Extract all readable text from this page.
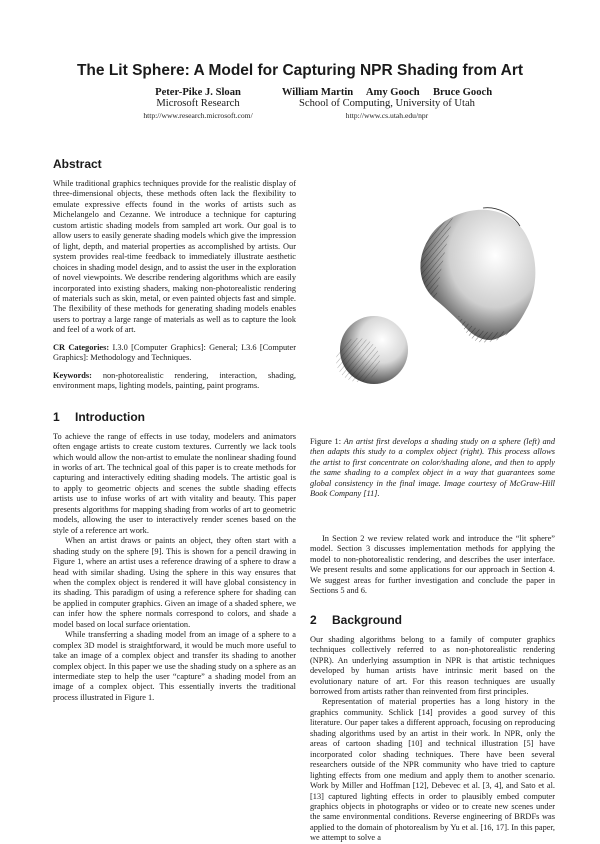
The Lit Sphere: A Model for Capturing NPR Shading from Art
Peter-Pike J. Sloan
Microsoft Research
http://www.research.microsoft.com/
William Martin     Amy Gooch     Bruce Gooch
School of Computing, University of Utah
http://www.cs.utah.edu/npr
Abstract

While traditional graphics techniques provide for the realistic display of three-dimensional objects, these methods often lack the flexibility to emulate expressive effects found in the works of artists such as Michelangelo and Cezanne. We introduce a technique for capturing custom artistic shading models from sampled art work. Our goal is to allow users to easily generate shading models which give the impression of light, depth, and material properties as accomplished by artists. Our system provides real-time feedback to immediately illustrate aesthetic choices in shading model design, and to assist the user in the exploration of novel viewpoints. We describe rendering algorithms which are easily incorporated into existing shaders, making non-photorealistic rendering of materials such as skin, metal, or even painted objects fast and simple. The flexibility of these methods for generating shading models enables users to portray a large range of materials as well as to capture the look and feel of a work of art.

CR Categories: I.3.0 [Computer Graphics]: General; I.3.6 [Computer Graphics]: Methodology and Techniques.

Keywords: non-photorealistic rendering, interaction, shading, environment maps, lighting models, painting, paint programs.

1 Introduction

To achieve the range of effects in use today, modelers and animators often engage artists to create custom textures. Currently we lack tools which would allow the non-artist to emulate the nonlinear shading found in works of art. The technical goal of this paper is to create methods for capturing and interactively editing shading models. The artistic goal is to apply to geometric objects and scenes the subtle shading effects artists use to infuse works of art with vitality and beauty. This paper presents algorithms for mapping shading from works of art to geometric models, allowing the user to interactively render scenes based on the style of a reference art work.

When an artist draws or paints an object, they often start with a shading study on the sphere [9]. This is shown for a pencil drawing in Figure 1, where an artist uses a reference drawing of a sphere to draw a head with similar shading. Using the sphere in this way ensures that when the complex object is rendered it will have global consistency in its shading. This paradigm of using a reference sphere for shading can be applied in computer graphics. Given an image of a shaded sphere, we can infer how the sphere normals correspond to colors, and shade a model based on local surface orientation.

While transferring a shading model from an image of a sphere to a complex 3D model is straightforward, it would be much more useful to take an image of a complex object and transfer its shading to another complex object. In this paper we use the shading study on a sphere as an intermediate step to help the user “capture” a shading model from an image of a complex object. This essentially inverts the traditional process illustrated in Figure 1.

Figure 1: An artist first develops a shading study on a sphere (left) and then adapts this study to a complex object (right). This process allows the artist to first concentrate on color/shading alone, and then to apply the same shading to a complex object in a way that guarantees some global consistency in the final image. Image courtesy of McGraw-Hill Book Company [11].

In Section 2 we review related work and introduce the “lit sphere” model. Section 3 discusses implementation methods for applying the model to non-photorealistic rendering, and describes the user interface. We present results and some applications for our approach in Section 4. We suggest areas for further investigation and conclude the paper in Sections 5 and 6.

2 Background

Our shading algorithms belong to a family of computer graphics techniques collectively referred to as non-photorealistic rendering (NPR). An underlying assumption in NPR is that artistic techniques developed by human artists have intrinsic merit based on the evolutionary nature of art. For this reason techniques are usually borrowed from artists rather than reinvented from first principles.

Representation of material properties has a long history in the graphics community. Schlick [14] provides a good survey of this literature. Our paper takes a different approach, focusing on reproducing shading algorithms used by an artist in their work. In NPR, only the areas of cartoon shading [10] and technical illustration [5] have incorporated color shading techniques. There have been several researchers outside of the NPR community who have tried to capture lighting effects from one medium and apply them to another scenario. Work by Miller and Hoffman [12], Debevec et al. [3, 4], and Sato et al. [13] captured lighting effects in order to plausibly embed computer graphics objects in photographs or video or to create new scenes under the same environmental conditions. Reverse engineering of BRDFs was applied to the domain of photorealism by Yu et al. [16, 17]. In this paper, we attempt to solve a
